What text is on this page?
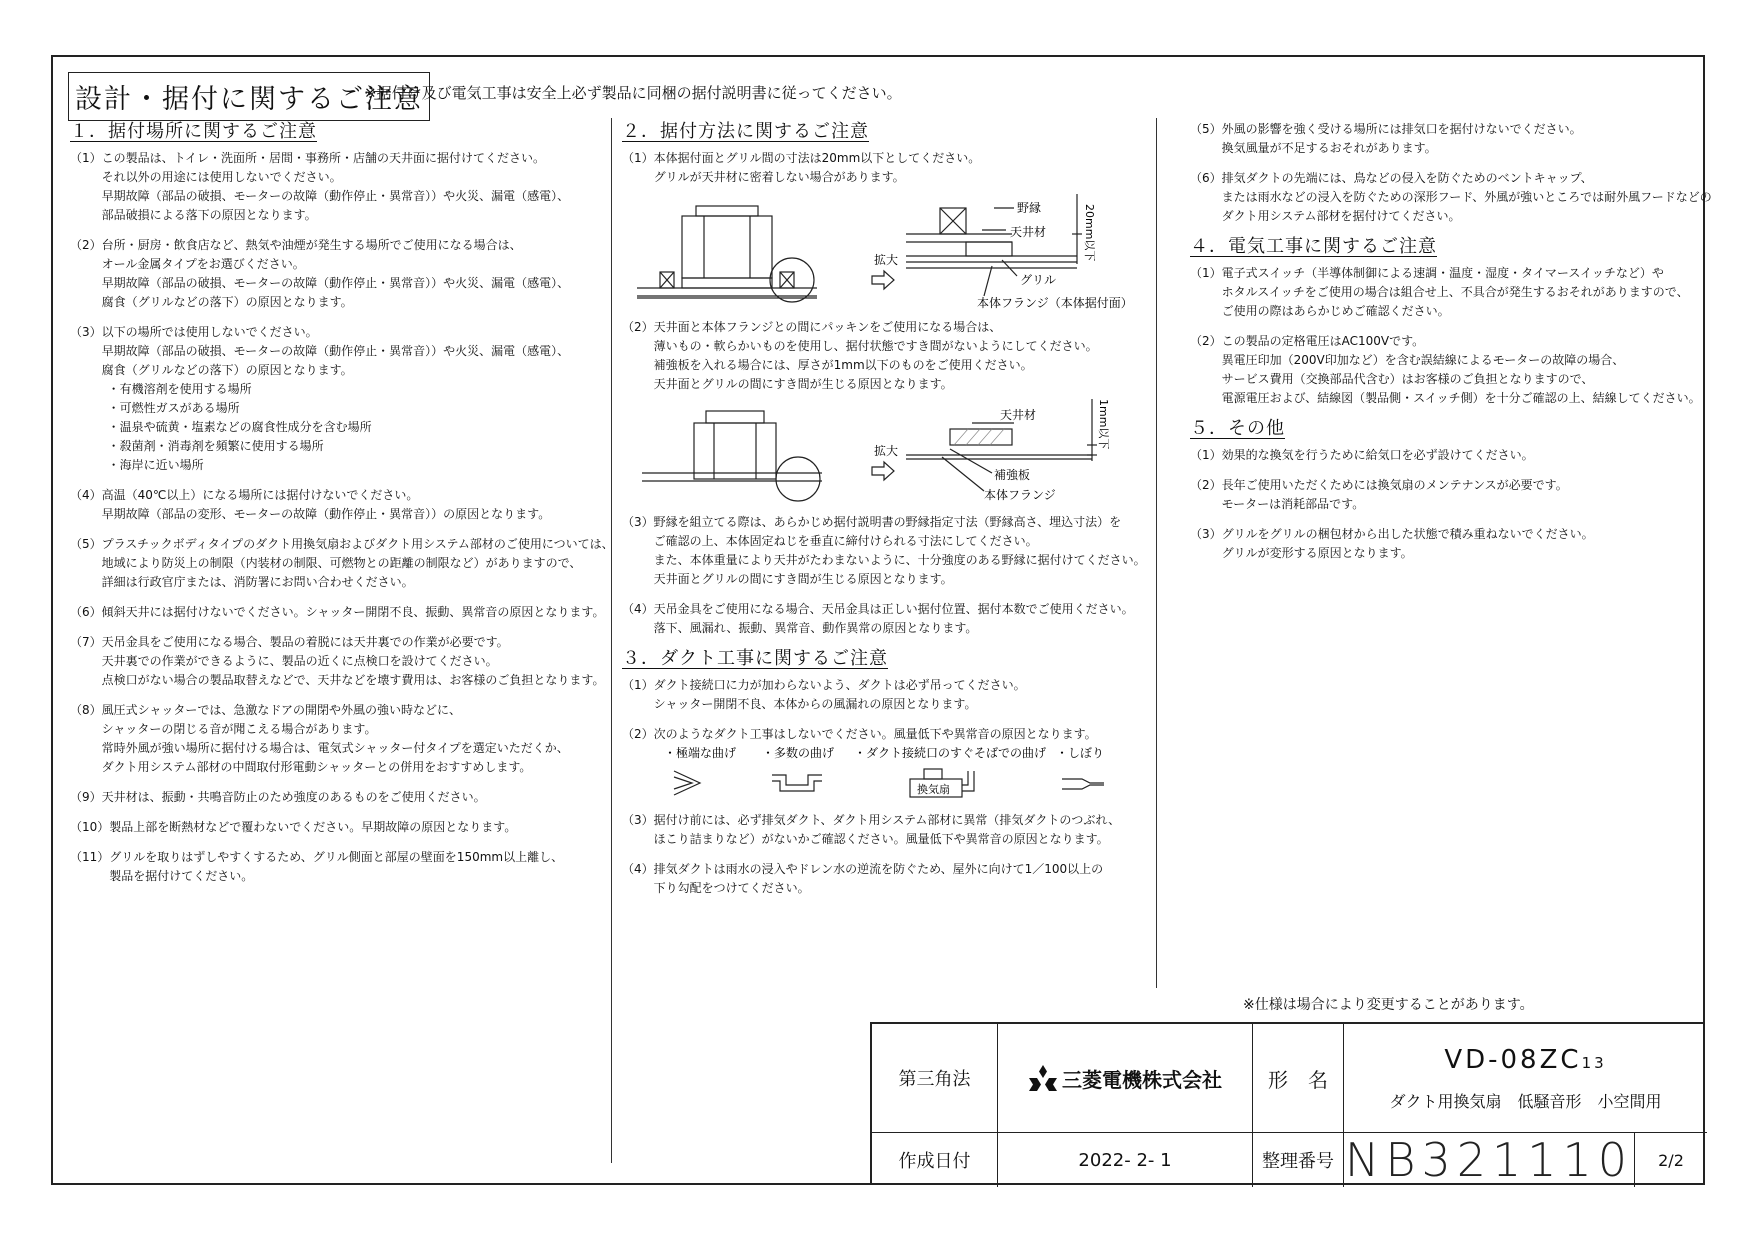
設計・据付に関するご注意
※据付け及び電気工事は安全上必ず製品に同梱の据付説明書に従ってください。
１．据付場所に関するご注意
（1） この製品は、トイレ・洗面所・居間・事務所・店舗の天井面に据付けてください。
それ以外の用途には使用しないでください。
早期故障（部品の破損、モーターの故障（動作停止・異常音））や火災、漏電（感電）、
部品破損による落下の原因となります。
（2） 台所・厨房・飲食店など、熱気や油煙が発生する場所でご使用になる場合は、
オール金属タイプをお選びください。
早期故障（部品の破損、モーターの故障（動作停止・異常音））や火災、漏電（感電）、
腐食（グリルなどの落下）の原因となります。
（3） 以下の場所では使用しないでください。
早期故障（部品の破損、モーターの故障（動作停止・異常音））や火災、漏電（感電）、
腐食（グリルなどの落下）の原因となります。
・有機溶剤を使用する場所
・可燃性ガスがある場所
・温泉や硫黄・塩素などの腐食性成分を含む場所
・殺菌剤・消毒剤を頻繁に使用する場所
・海岸に近い場所
（4） 高温（40℃以上）になる場所には据付けないでください。
早期故障（部品の変形、モーターの故障（動作停止・異常音））の原因となります。
（5） プラスチックボディタイプのダクト用換気扇およびダクト用システム部材のご使用については、
地域により防災上の制限（内装材の制限、可燃物との距離の制限など）がありますので、
詳細は行政官庁または、消防署にお問い合わせください。
（6） 傾斜天井には据付けないでください。シャッター開閉不良、振動、異常音の原因となります。
（7） 天吊金具をご使用になる場合、製品の着脱には天井裏での作業が必要です。
天井裏での作業ができるように、製品の近くに点検口を設けてください。
点検口がない場合の製品取替えなどで、天井などを壊す費用は、お客様のご負担となります。
（8） 風圧式シャッターでは、急激なドアの開閉や外風の強い時などに、
シャッターの閉じる音が聞こえる場合があります。
常時外風が強い場所に据付ける場合は、電気式シャッター付タイプを選定いただくか、
ダクト用システム部材の中間取付形電動シャッターとの併用をおすすめします。
（9） 天井材は、振動・共鳴音防止のため強度のあるものをご使用ください。
（10） 製品上部を断熱材などで覆わないでください。早期故障の原因となります。
（11） グリルを取りはずしやすくするため、グリル側面と部屋の壁面を150mm以上離し、
製品を据付けてください。
２．据付方法に関するご注意
（1） 本体据付面とグリル間の寸法は20mm以下としてください。
グリルが天井材に密着しない場合があります。
拡大
野縁
天井材
グリル
本体フランジ（本体据付面）
20mm以下
（2） 天井面と本体フランジとの間にパッキンをご使用になる場合は、
薄いもの・軟らかいものを使用し、据付状態ですき間がないようにしてください。
補強板を入れる場合には、厚さが1mm以下のものをご使用ください。
天井面とグリルの間にすき間が生じる原因となります。
拡大
天井材
補強板
本体フランジ
1mm以下
（3） 野縁を組立てる際は、あらかじめ据付説明書の野縁指定寸法（野縁高さ、埋込寸法）を
ご確認の上、本体固定ねじを垂直に締付けられる寸法にしてください。
また、本体重量により天井がたわまないように、十分強度のある野縁に据付けてください。
天井面とグリルの間にすき間が生じる原因となります。
（4） 天吊金具をご使用になる場合、天吊金具は正しい据付位置、据付本数でご使用ください。
落下、風漏れ、振動、異常音、動作異常の原因となります。
３．ダクト工事に関するご注意
（1） ダクト接続口に力が加わらないよう、ダクトは必ず吊ってください。
シャッター開閉不良、本体からの風漏れの原因となります。
（2） 次のようなダクト工事はしないでください。風量低下や異常音の原因となります。
・極端な曲げ ・多数の曲げ ・ダクト接続口のすぐそばでの曲げ ・しぼり
換気扇
（3） 据付け前には、必ず排気ダクト、ダクト用システム部材に異常（排気ダクトのつぶれ、
ほこり詰まりなど）がないかご確認ください。風量低下や異常音の原因となります。
（4） 排気ダクトは雨水の浸入やドレン水の逆流を防ぐため、屋外に向けて1／100以上の
下り勾配をつけてください。
（5） 外風の影響を強く受ける場所には排気口を据付けないでください。
換気風量が不足するおそれがあります。
（6） 排気ダクトの先端には、鳥などの侵入を防ぐためのベントキャップ、
または雨水などの浸入を防ぐための深形フード、外風が強いところでは耐外風フードなどの
ダクト用システム部材を据付けてください。
４．電気工事に関するご注意
（1） 電子式スイッチ（半導体制御による速調・温度・湿度・タイマースイッチなど）や
ホタルスイッチをご使用の場合は組合せ上、不具合が発生するおそれがありますので、
ご使用の際はあらかじめご確認ください。
（2） この製品の定格電圧はAC100Vです。
異電圧印加（200V印加など）を含む誤結線によるモーターの故障の場合、
サービス費用（交換部品代含む）はお客様のご負担となりますので、
電源電圧および、結線図（製品側・スイッチ側）を十分ご確認の上、結線してください。
５．その他
（1） 効果的な換気を行うために給気口を必ず設けてください。
（2） 長年ご使用いただくためには換気扇のメンテナンスが必要です。
モーターは消耗部品です。
（3） グリルをグリルの梱包材から出した状態で積み重ねないでください。
グリルが変形する原因となります。
※仕様は場合により変更することがあります。
第三角法	三菱電機株式会社	形　名
VD-08ZC13
ダクト用換気扇　低騒音形　小空間用
作成日付	2022- 2- 1	整理番号 NB321110	2/2
